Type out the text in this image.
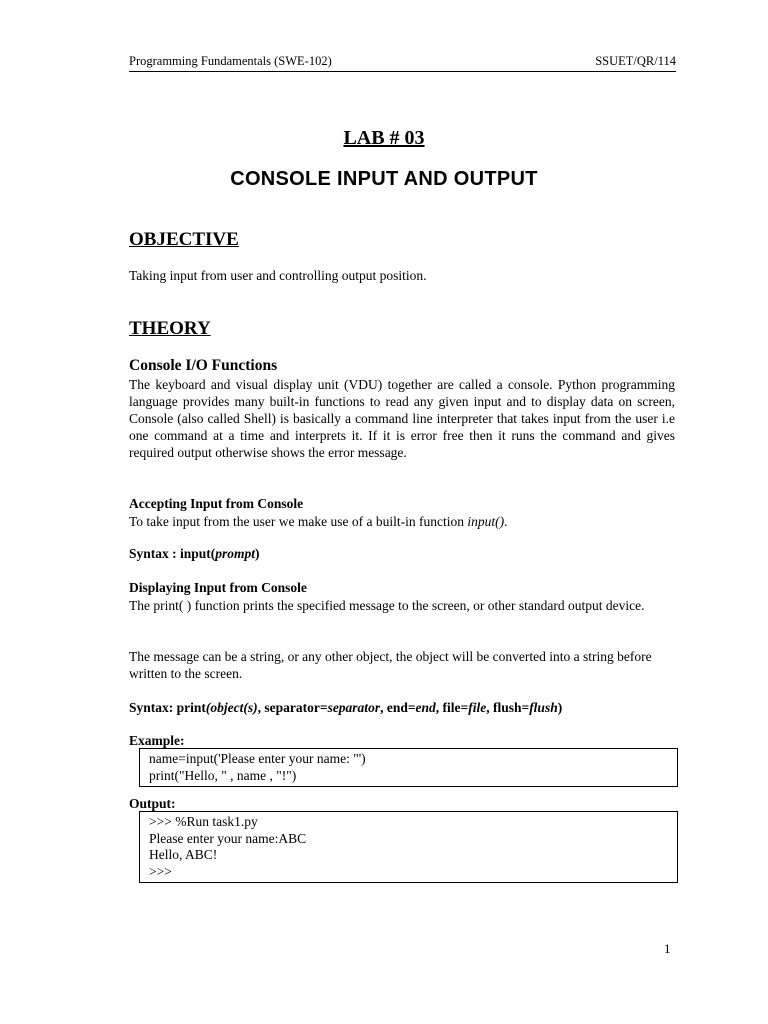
Programming Fundamentals (SWE-102)	SSUET/QR/114
LAB # 03
CONSOLE INPUT AND OUTPUT
OBJECTIVE
Taking input from user and controlling output position.
THEORY
Console I/O Functions
The keyboard and visual display unit (VDU) together are called a console. Python programming language provides many built-in functions to read any given input and to display data on screen, Console (also called Shell) is basically a command line interpreter that takes input from the user i.e one command at a time and interprets it. If it is error free then it runs the command and gives required output otherwise shows the error message.
Accepting Input from Console
To take input from the user we make use of a built-in function input().
Syntax : input(prompt)
Displaying Input from Console
The print( ) function prints the specified message to the screen, or other standard output device.
The message can be a string, or any other object, the object will be converted into a string before written to the screen.
Syntax: print(object(s), separator=separator, end=end, file=file, flush=flush)
Example:
name=input('Please enter your name: "')
print("Hello, " , name , "!")
Output:
>>> %Run task1.py
Please enter your name:ABC
Hello, ABC!
>>>
1
